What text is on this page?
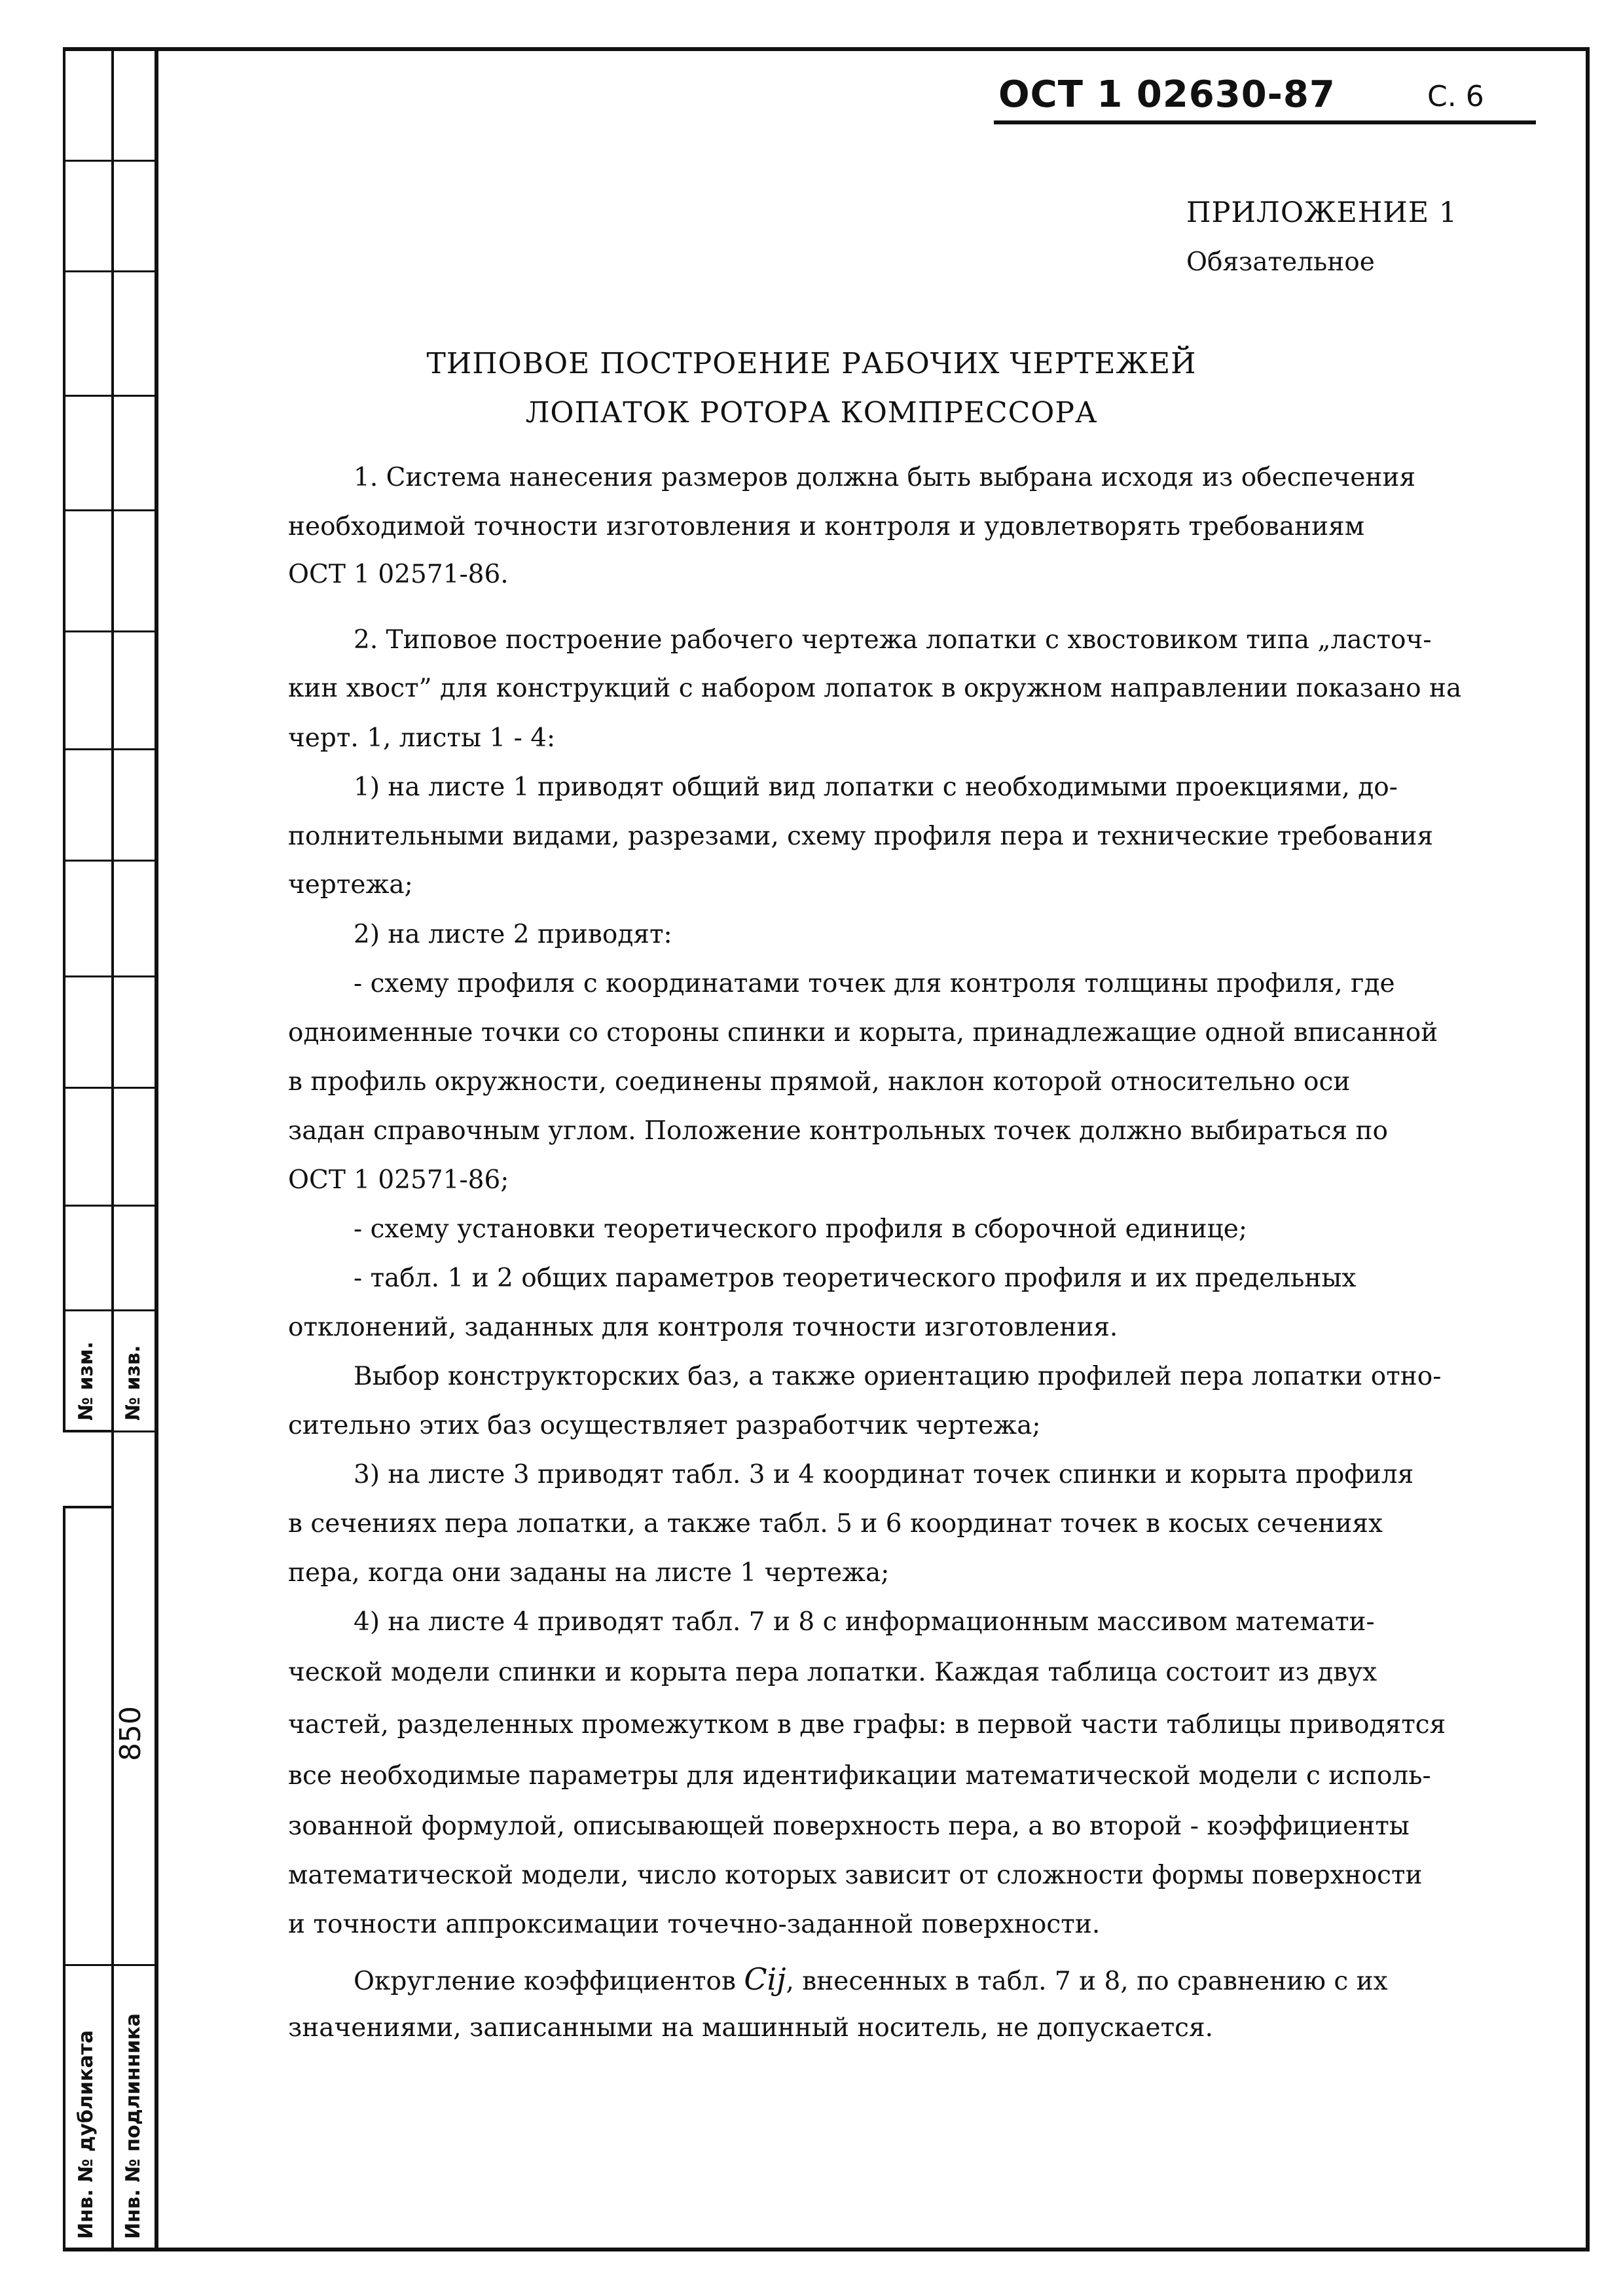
№ изм. № изв.
850
Инв. № дубликата Инв. № подлинника
ОСТ 1 02630-87	С. 6
ПРИЛОЖЕНИЕ 1
Обязательное
ТИПОВОЕ ПОСТРОЕНИЕ РАБОЧИХ ЧЕРТЕЖЕЙ
ЛОПАТОК РОТОРА КОМПРЕССОРА
1. Система нанесения размеров должна быть выбрана исходя из обеспечения
необходимой точности изготовления и контроля и удовлетворять требованиям
ОСТ 1 02571-86.
2. Типовое построение рабочего чертежа лопатки с хвостовиком типа „ласточ-
кин хвост” для конструкций с набором лопаток в окружном направлении показано на
черт. 1, листы 1 - 4:
1) на листе 1 приводят общий вид лопатки с необходимыми проекциями, до-
полнительными видами, разрезами, схему профиля пера и технические требования
чертежа;
2) на листе 2 приводят:
- схему профиля с координатами точек для контроля толщины профиля, где
одноименные точки со стороны спинки и корыта, принадлежащие одной вписанной
в профиль окружности, соединены прямой, наклон которой относительно оси
задан справочным углом. Положение контрольных точек должно выбираться по
ОСТ 1 02571-86;
- схему установки теоретического профиля в сборочной единице;
- табл. 1 и 2 общих параметров теоретического профиля и их предельных
отклонений, заданных для контроля точности изготовления.
Выбор конструкторских баз, а также ориентацию профилей пера лопатки отно-
сительно этих баз осуществляет разработчик чертежа;
3) на листе 3 приводят табл. 3 и 4 координат точек спинки и корыта профиля
в сечениях пера лопатки, а также табл. 5 и 6 координат точек в косых сечениях
пера, когда они заданы на листе 1 чертежа;
4) на листе 4 приводят табл. 7 и 8 с информационным массивом математи-
ческой модели спинки и корыта пера лопатки. Каждая таблица состоит из двух
частей, разделенных промежутком в две графы: в первой части таблицы приводятся
все необходимые параметры для идентификации математической модели с исполь-
зованной формулой, описывающей поверхность пера, а во второй - коэффициенты
математической модели, число которых зависит от сложности формы поверхности
и точности аппроксимации точечно-заданной поверхности.
Округление коэффициентов Cij, внесенных в табл. 7 и 8, по сравнению с их
значениями, записанными на машинный носитель, не допускается.
